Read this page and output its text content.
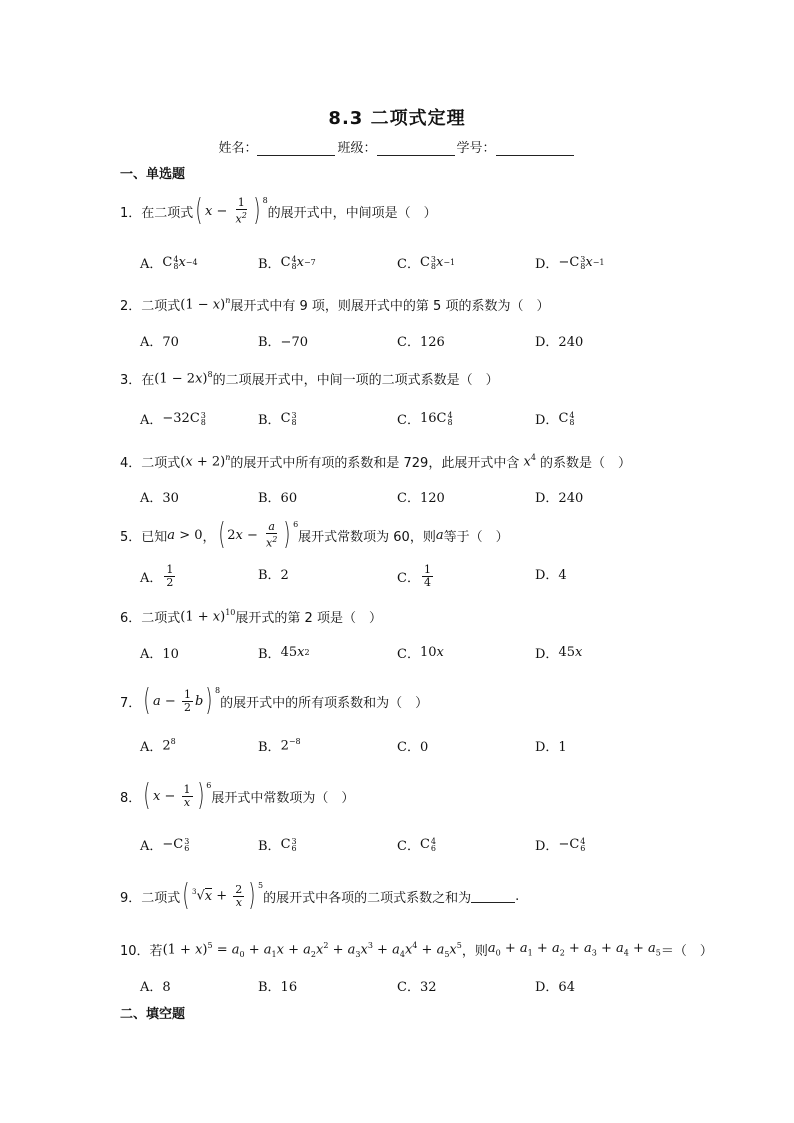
8.3 二项式定理
姓名：	班级：	学号：
一、单选题
1． 在二项式 ( $x - \frac{1}{x^2}$ ) $^8$
的展开式中，中间项是（　）
A． C 4
8 x −4	B． C 4
8 x −7	C． C 3
8 x −1	D． −C 3
8 x −1
2． 二项式 $(1 - x)^n$ 展开式中有 9 项，则展开式中的第 5 项的系数为（　）
A．70	B．−70	C．126	D．240
3． 在 $(1 - 2x)^8$ 的二项展开式中，中间一项的二项式系数是（　）
A． −32C 3
8	B． C 3
8	C． 16C 4
8	D． C 4
8
4． 二项式 $(x + 2)^n$ 的展开式中所有项的系数和是 729，此展开式中含 $x^4$ 的系数是（　）
A．30	B．60	C．120	D．240
5． 已知 a > 0 ， ( $2x - \frac{a}{x^2}$ ) $^6$
展开式常数项为 60，则 a 等于（　）
A． $\frac{1}{2}$	B．2	C． $\frac{1}{4}$	D．4
6． 二项式 $(1 + x)^{10}$ 展开式的第 2 项是（　）
A．10	B． 45 x 2	C． 10 x	D． 45 x
7． ( $a - \frac{1}{2}$ b ) $^8$
的展开式中的所有项系数和为（　）
A． $2^8$	B． $2^{-8}$	C．0	D．1
8． ( $x - \frac{1}{x}$ ) $^6$
展开式中常数项为（　）
A． −C 3
6	B． C 3
6	C． C 4
6	D． −C 4
6
9． 二项式 ( $^3√x + \frac{2}{x}$ ) $^5$
的展开式中各项的二项式系数之和为	.
10． 若 $(1 + x)^5 = a_0 + a_1x + a_2x^2 + a_3x^3 + a_4x^4 + a_5x^5$ ，则 $a_0 + a_1 + a_2 + a_3 + a_4 + a_5$ ＝（　）
A．8	B．16	C．32	D．64
二、填空题
